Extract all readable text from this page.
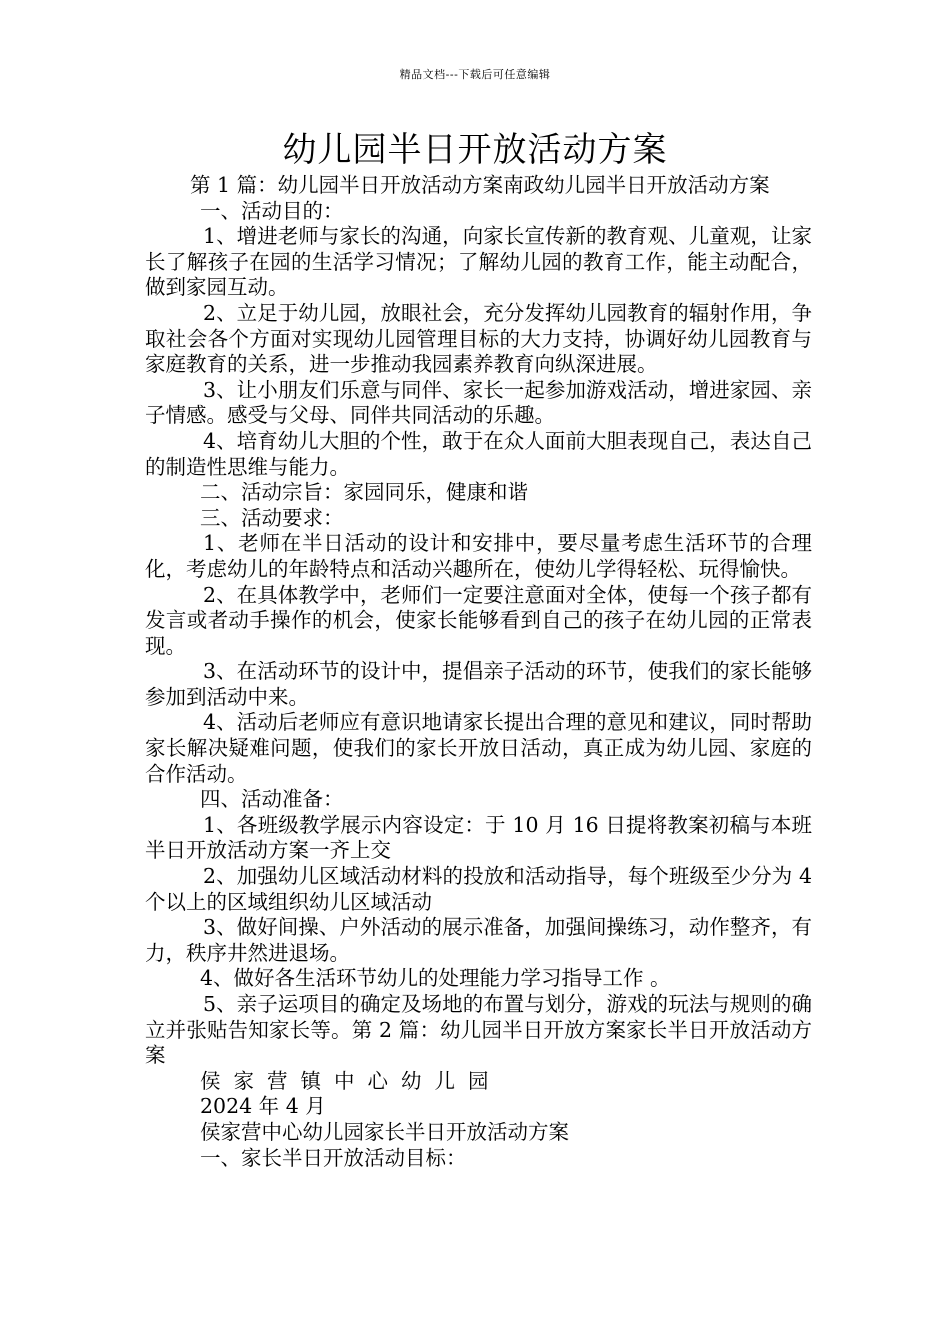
精品文档---下载后可任意编辑
幼儿园半日开放活动方案

第 1 篇：幼儿园半日开放活动方案南政幼儿园半日开放活动方案

一、活动目的：

1、增进老师与家长的沟通，向家长宣传新的教育观、儿童观，让家长了解孩子在园的生活学习情况；了解幼儿园的教育工作，能主动配合，做到家园互动。

2、立足于幼儿园，放眼社会，充分发挥幼儿园教育的辐射作用，争取社会各个方面对实现幼儿园管理目标的大力支持，协调好幼儿园教育与家庭教育的关系，进一步推动我园素养教育向纵深进展。

3、让小朋友们乐意与同伴、家长一起参加游戏活动，增进家园、亲子情感。感受与父母、同伴共同活动的乐趣。

4、培育幼儿大胆的个性，敢于在众人面前大胆表现自己，表达自己的制造性思维与能力。

二、活动宗旨：家园同乐，健康和谐

三、活动要求：

1、老师在半日活动的设计和安排中，要尽量考虑生活环节的合理化，考虑幼儿的年龄特点和活动兴趣所在，使幼儿学得轻松、玩得愉快。

2、在具体教学中，老师们一定要注意面对全体，使每一个孩子都有发言或者动手操作的机会，使家长能够看到自己的孩子在幼儿园的正常表现。

3、在活动环节的设计中，提倡亲子活动的环节，使我们的家长能够参加到活动中来。

4、活动后老师应有意识地请家长提出合理的意见和建议，同时帮助家长解决疑难问题，使我们的家长开放日活动，真正成为幼儿园、家庭的合作活动。

四、活动准备：

1、各班级教学展示内容设定：于 10 月 16 日提将教案初稿与本班半日开放活动方案一齐上交

2、加强幼儿区域活动材料的投放和活动指导，每个班级至少分为 4 个以上的区域组织幼儿区域活动

3、做好间操、户外活动的展示准备，加强间操练习，动作整齐，有力，秩序井然进退场。

4、做好各生活环节幼儿的处理能力学习指导工作 。

5、亲子运项目的确定及场地的布置与划分，游戏的玩法与规则的确立并张贴告知家长等。第 2 篇：幼儿园半日开放方案家长半日开放活动方案

侯家营镇中心幼儿园

2024 年 4 月

侯家营中心幼儿园家长半日开放活动方案

一、家长半日开放活动目标：
